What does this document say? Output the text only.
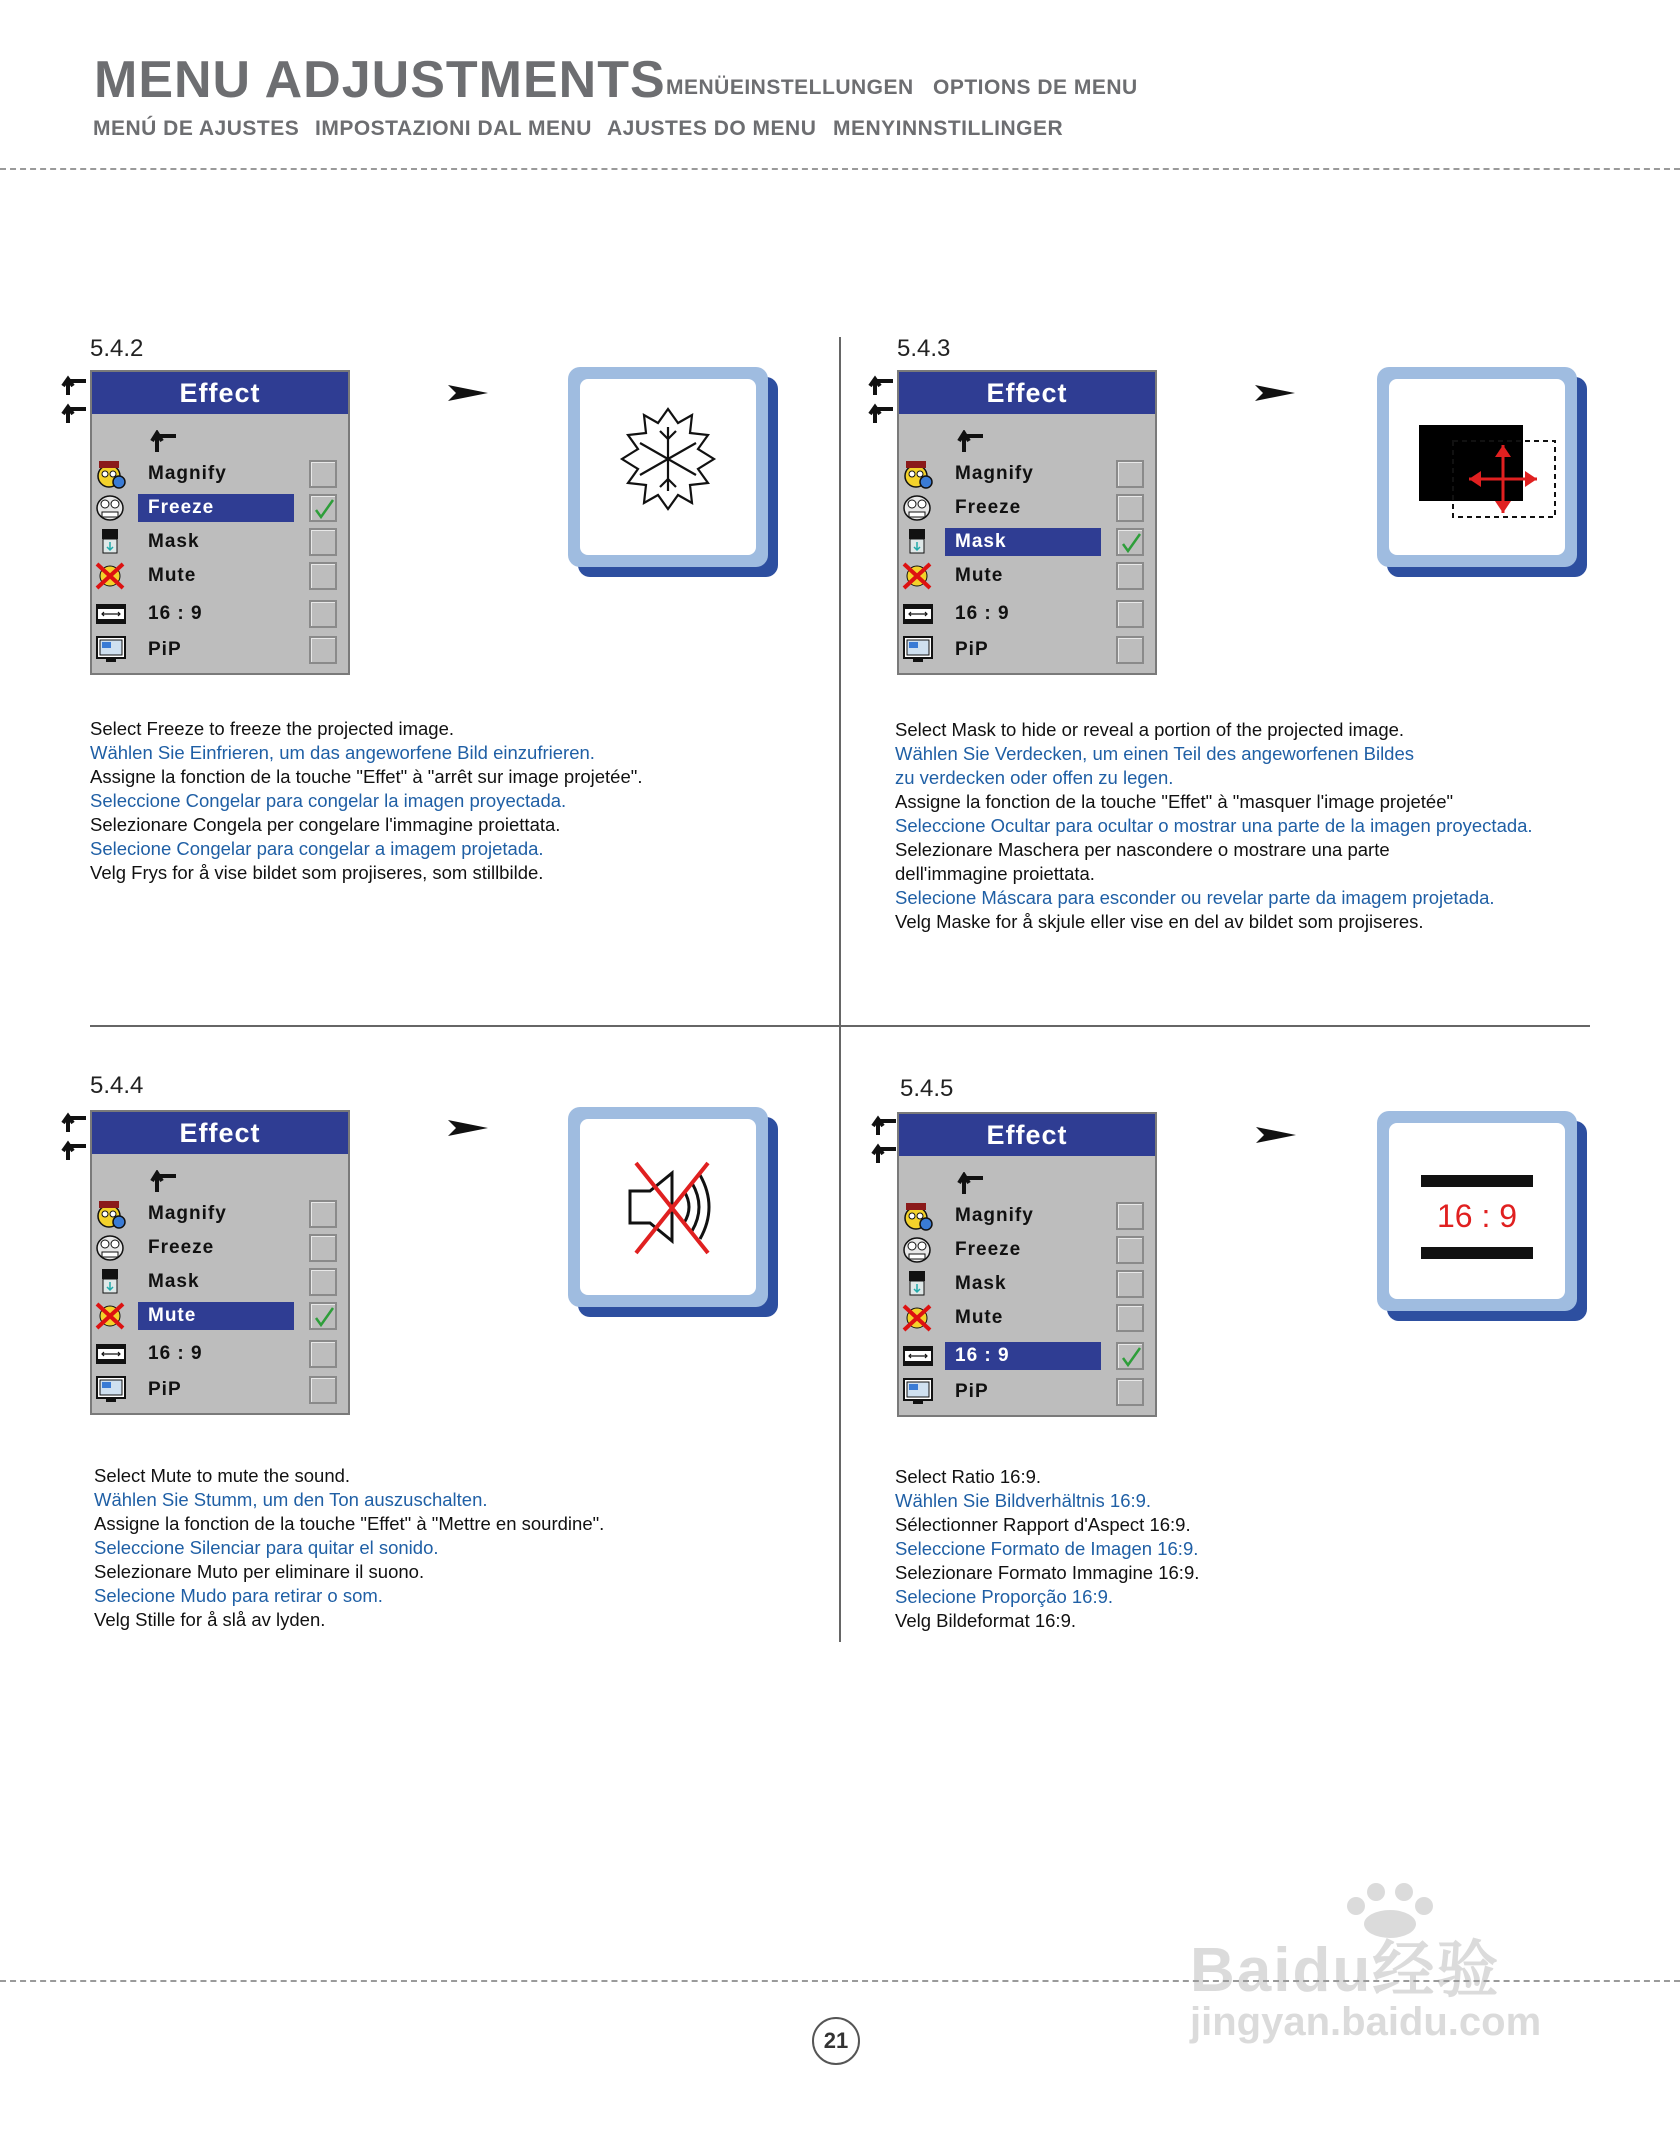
MENU ADJUSTMENTS MENÜEINSTELLUNGEN OPTIONS DE MENU
MENÚ DE AJUSTES IMPOSTAZIONI DAL MENU AJUSTES DO MENU MENYINNSTILLINGER
5.4.2
Effect
Magnify
Freeze
Mask
Mute
16 : 9
PiP
Select Freeze to freeze the projected image.
Wählen Sie Einfrieren, um das angeworfene Bild einzufrieren.
Assigne la fonction de la touche "Effet" à "arrêt sur image projetée".
Seleccione Congelar para congelar la imagen proyectada.
Selezionare Congela per congelare l'immagine proiettata.
Selecione Congelar para congelar a imagem projetada.
Velg Frys for å vise bildet som projiseres, som stillbilde.
5.4.3
Effect
Magnify
Freeze
Mask
Mute
16 : 9
PiP
Select Mask to hide or reveal a portion of the projected image.
Wählen Sie Verdecken, um einen Teil des angeworfenen Bildes
zu verdecken oder offen zu legen.
Assigne la fonction de la touche "Effet" à "masquer l'image projetée"
Seleccione Ocultar para ocultar o mostrar una parte de la imagen proyectada.
Selezionare Maschera per nascondere o mostrare una parte
dell'immagine proiettata.
Selecione Máscara para esconder ou revelar parte da imagem projetada.
Velg Maske for å skjule eller vise en del av bildet som projiseres.
5.4.4
Effect
Magnify
Freeze
Mask
Mute
16 : 9
PiP
Select Mute to mute the sound.
Wählen Sie Stumm, um den Ton auszuschalten.
Assigne la fonction de la touche "Effet" à "Mettre en sourdine".
Seleccione Silenciar para quitar el sonido.
Selezionare Muto per eliminare il suono.
Selecione Mudo para retirar o som.
Velg Stille for å slå av lyden.
5.4.5
Effect
Magnify
Freeze
Mask
Mute
16 : 9
PiP
16 : 9
Select Ratio 16:9.
Wählen Sie Bildverhältnis 16:9.
Sélectionner Rapport d'Aspect 16:9.
Seleccione Formato de Imagen 16:9.
Selezionare Formato Immagine 16:9.
Selecione Proporção 16:9.
Velg Bildeformat 16:9.
21
Baidu经验
jingyan.baidu.com
